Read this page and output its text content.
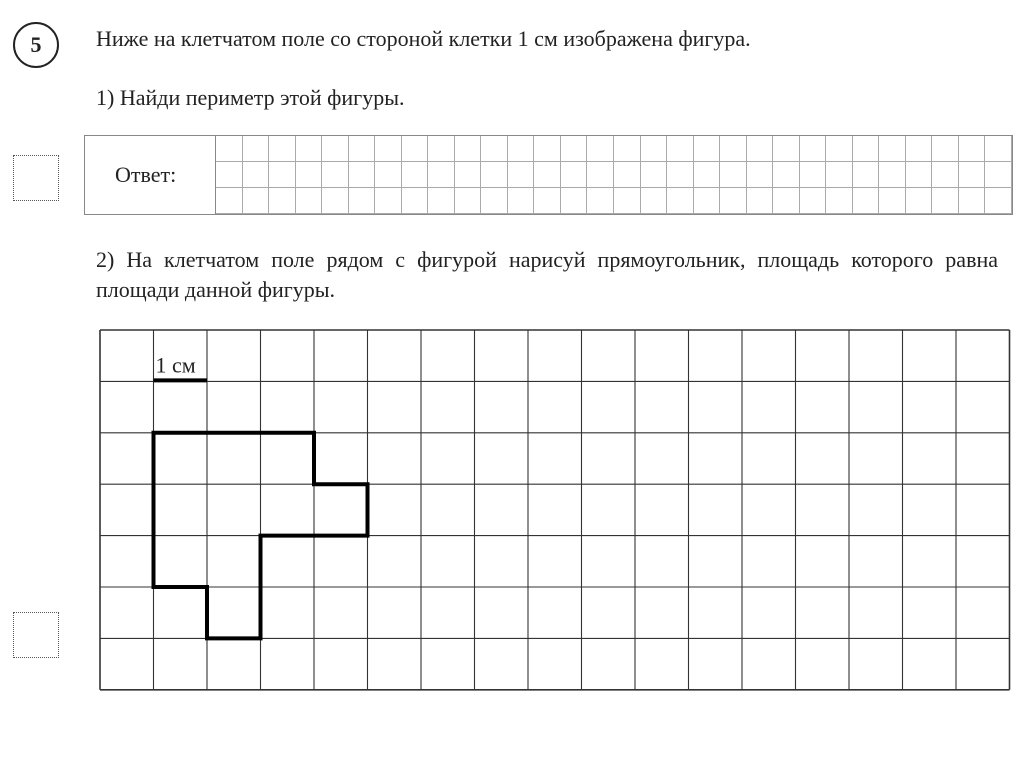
5 Ниже на клетчатом поле со стороной клетки 1 см изображена фигура.
1) Найди периметр этой фигуры.
Ответ:
2) На клетчатом поле рядом с фигурой нарисуй прямоугольник, площадь которого равна площади данной фигуры.
1 см
